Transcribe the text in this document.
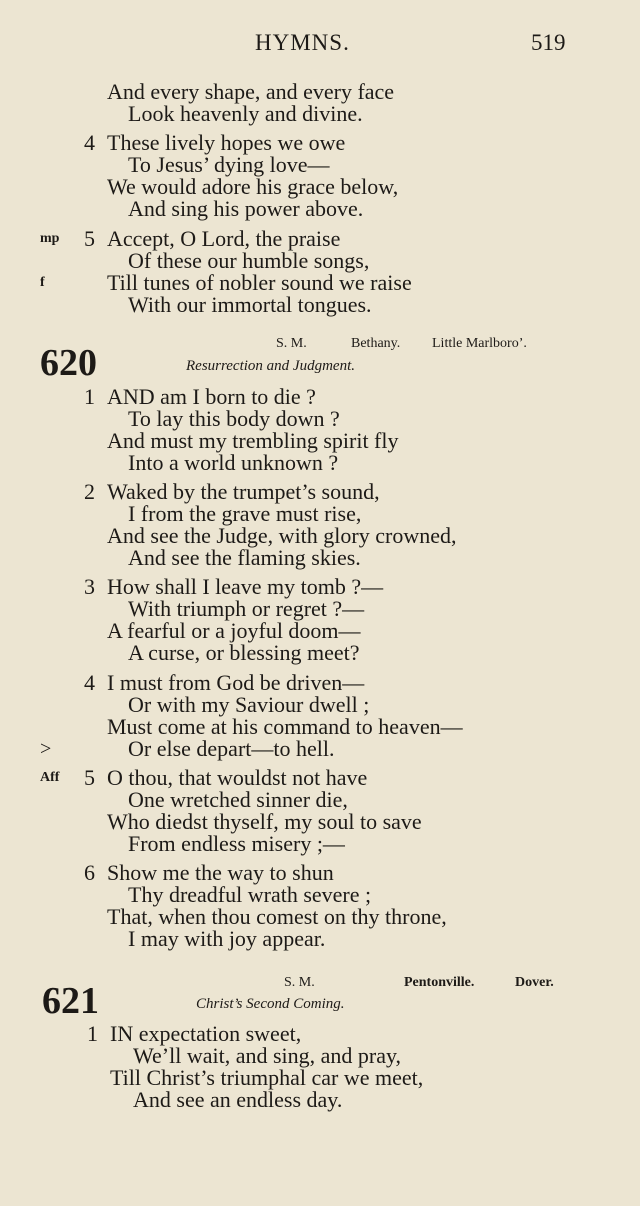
HYMNS.	519
And every shape, and every face
Look heavenly and divine.
4 These lively hopes we owe
To Jesus’ dying love—
We would adore his grace below,
And sing his power above.
mp 5 Accept, O Lord, the praise
Of these our humble songs,
f	Till tunes of nobler sound we raise
With our immortal tongues.
S. M.	Bethany. Little Marlboro’.
620	Resurrection and Judgment.
1 AND am I born to die ?
To lay this body down ?
And must my trembling spirit fly
Into a world unknown ?
2 Waked by the trumpet’s sound,
I from the grave must rise,
And see the Judge, with glory crowned,
And see the flaming skies.
3 How shall I leave my tomb ?—
With triumph or regret ?—
A fearful or a joyful doom—
A curse, or blessing meet?
4 I must from God be driven—
Or with my Saviour dwell ;
Must come at his command to heaven—
>	Or else depart—to hell.
Aff 5 O thou, that wouldst not have
One wretched sinner die,
Who diedst thyself, my soul to save
From endless misery ;—
6 Show me the way to shun
Thy dreadful wrath severe ;
That, when thou comest on thy throne,
I may with joy appear.
S. M.	Pentonville.	Dover.
621	Christ’s Second Coming.
1 IN expectation sweet,
We’ll wait, and sing, and pray,
Till Christ’s triumphal car we meet,
And see an endless day.
